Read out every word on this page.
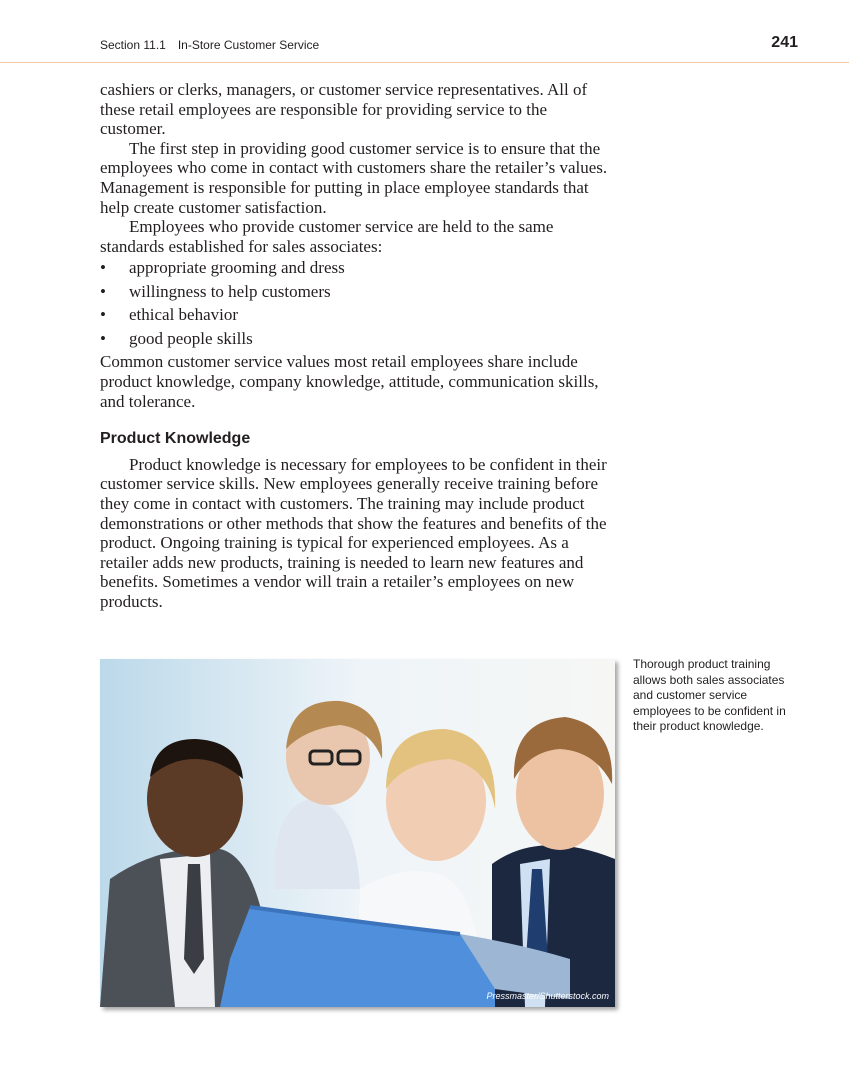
Section 11.1 In-Store Customer Service	241

cashiers or clerks, managers, or customer service representatives. All of these retail employees are responsible for providing service to the customer.

The first step in providing good customer service is to ensure that the employees who come in contact with customers share the retailer’s values. Management is responsible for putting in place employee standards that help create customer satisfaction.

Employees who provide customer service are held to the same standards established for sales associates:

• appropriate grooming and dress
• willingness to help customers
• ethical behavior
• good people skills

Common customer service values most retail employees share include product knowledge, company knowledge, attitude, communication skills, and tolerance.

Product Knowledge

Product knowledge is necessary for employees to be confident in their customer service skills. New employees generally receive training before they come in contact with customers. The training may include product demonstrations or other methods that show the features and benefits of the product. Ongoing training is typical for experienced employees. As a retailer adds new products, training is needed to learn new features and benefits. Sometimes a vendor will train a retailer’s employees on new products.

Pressmaster/Shutterstock.com
Thorough product training allows both sales associates and customer service employees to be confident in their product knowledge.
